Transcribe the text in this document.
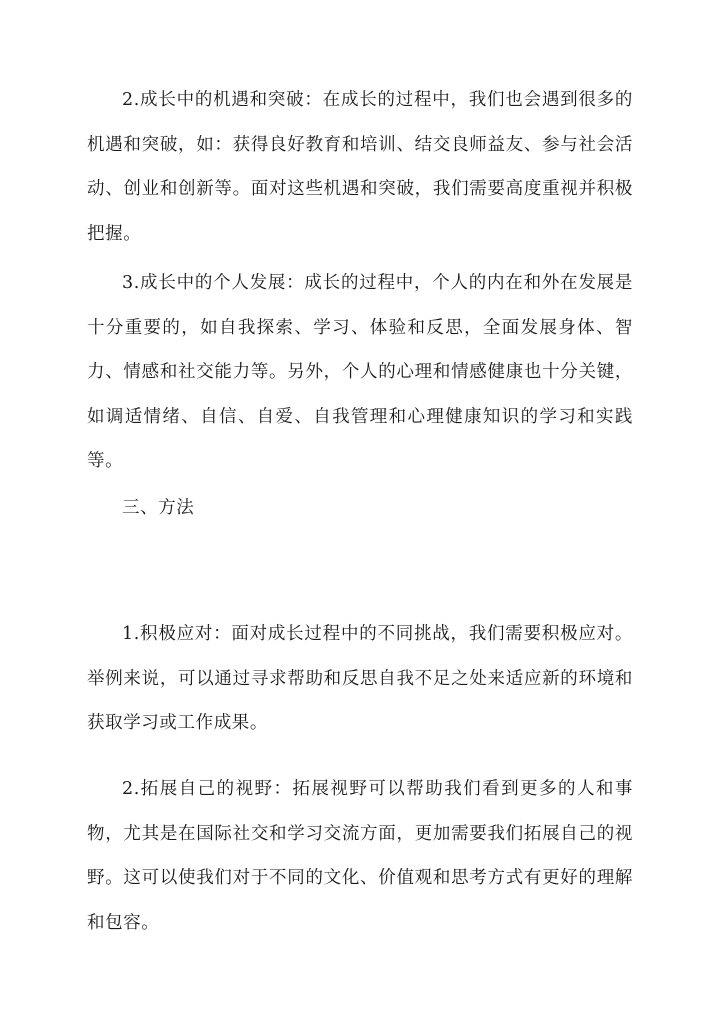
2.成长中的机遇和突破：在成长的过程中，我们也会遇到很多的机遇和突破，如：获得良好教育和培训、结交良师益友、参与社会活动、创业和创新等。面对这些机遇和突破，我们需要高度重视并积极把握。

3.成长中的个人发展：成长的过程中，个人的内在和外在发展是十分重要的，如自我探索、学习、体验和反思，全面发展身体、智力、情感和社交能力等。另外，个人的心理和情感健康也十分关键，如调适情绪、自信、自爱、自我管理和心理健康知识的学习和实践等。

三、方法

1.积极应对：面对成长过程中的不同挑战，我们需要积极应对。举例来说，可以通过寻求帮助和反思自我不足之处来适应新的环境和获取学习或工作成果。

2.拓展自己的视野：拓展视野可以帮助我们看到更多的人和事物，尤其是在国际社交和学习交流方面，更加需要我们拓展自己的视野。这可以使我们对于不同的文化、价值观和思考方式有更好的理解和包容。
